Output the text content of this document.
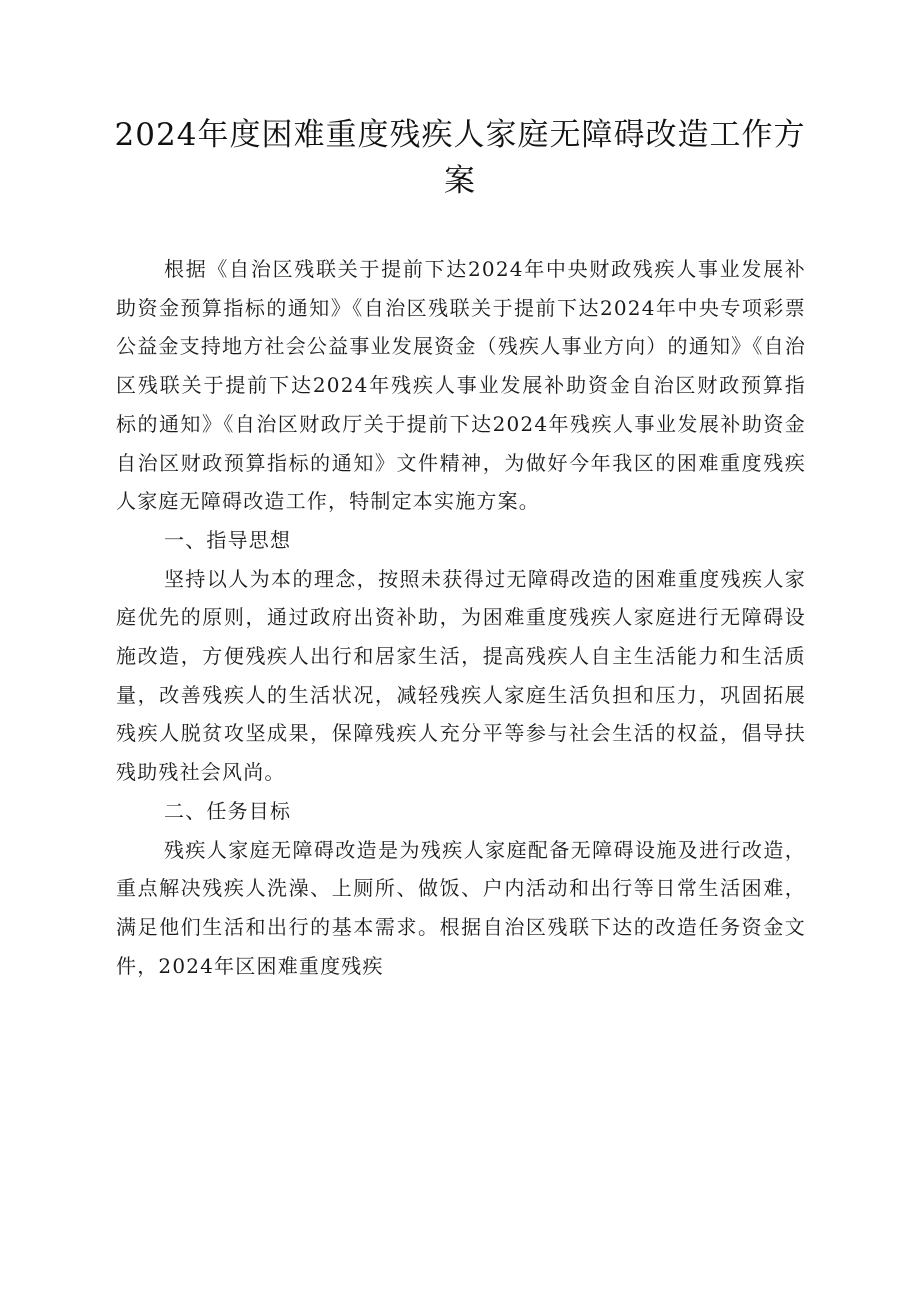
2024年度困难重度残疾人家庭无障碍改造工作方案

根据《自治区残联关于提前下达2024年中央财政残疾人事业发展补助资金预算指标的通知》《自治区残联关于提前下达2024年中央专项彩票公益金支持地方社会公益事业发展资金（残疾人事业方向）的通知》《自治区残联关于提前下达2024年残疾人事业发展补助资金自治区财政预算指标的通知》《自治区财政厅关于提前下达2024年残疾人事业发展补助资金自治区财政预算指标的通知》文件精神，为做好今年我区的困难重度残疾人家庭无障碍改造工作，特制定本实施方案。

一、指导思想

坚持以人为本的理念，按照未获得过无障碍改造的困难重度残疾人家庭优先的原则，通过政府出资补助，为困难重度残疾人家庭进行无障碍设施改造，方便残疾人出行和居家生活，提高残疾人自主生活能力和生活质量，改善残疾人的生活状况，减轻残疾人家庭生活负担和压力，巩固拓展残疾人脱贫攻坚成果，保障残疾人充分平等参与社会生活的权益，倡导扶残助残社会风尚。

二、任务目标

残疾人家庭无障碍改造是为残疾人家庭配备无障碍设施及进行改造，重点解决残疾人洗澡、上厕所、做饭、户内活动和出行等日常生活困难，满足他们生活和出行的基本需求。根据自治区残联下达的改造任务资金文件，2024年区困难重度残疾
